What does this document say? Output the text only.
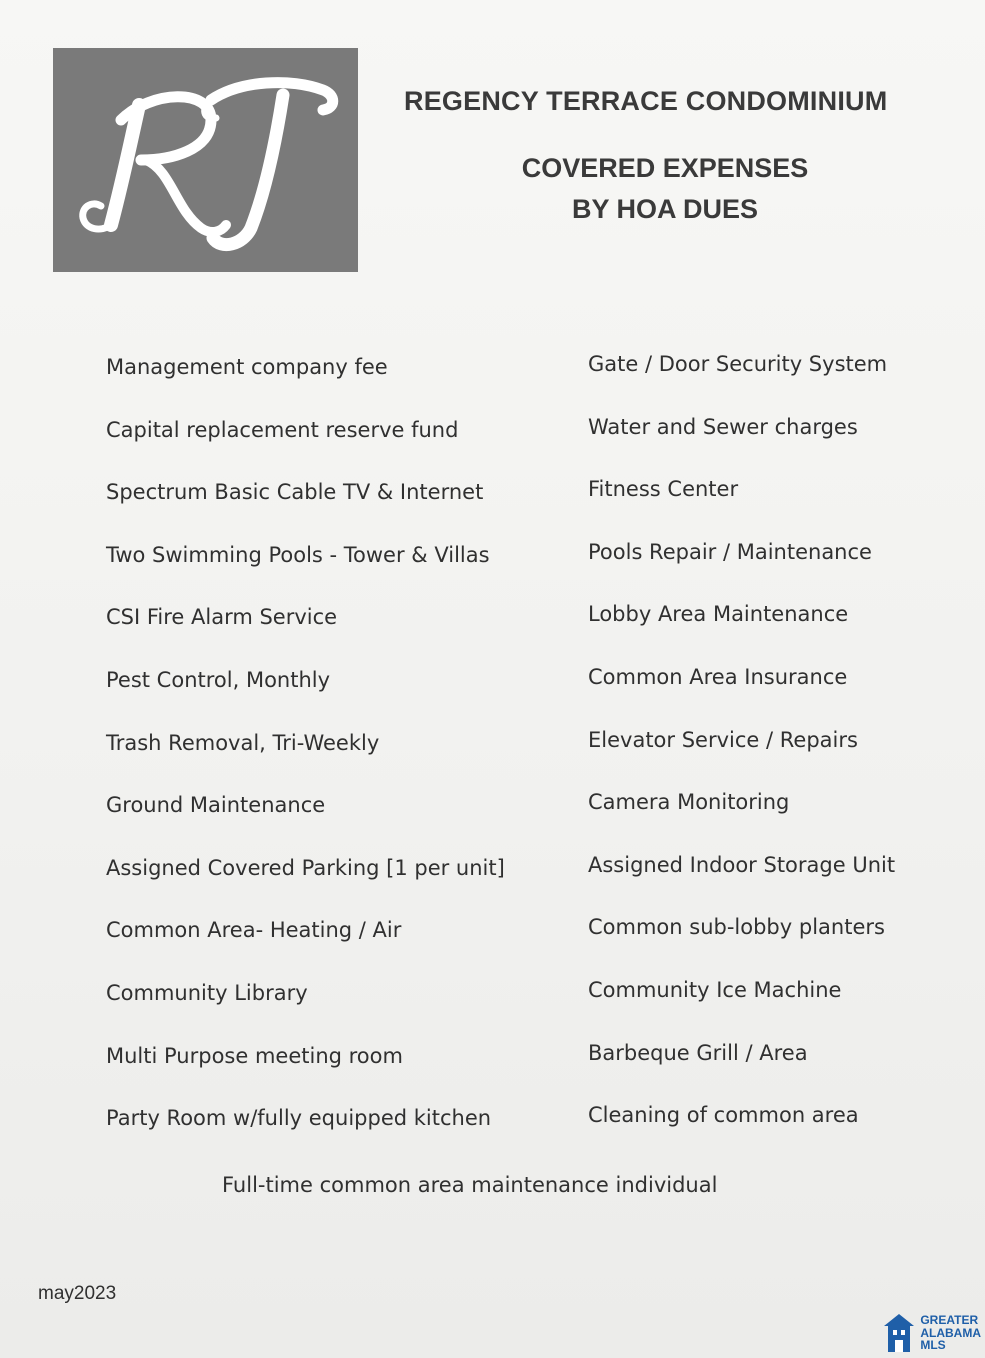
REGENCY TERRACE CONDOMINIUM
COVERED EXPENSES
BY HOA DUES
Management company fee
Capital replacement reserve fund
Spectrum Basic Cable TV & Internet
Two Swimming Pools - Tower & Villas
CSI Fire Alarm Service
Pest Control, Monthly
Trash Removal, Tri-Weekly
Ground Maintenance
Assigned Covered Parking [1 per unit]
Common Area- Heating / Air
Community Library
Multi Purpose meeting room
Party Room w/fully equipped kitchen
Gate / Door Security System
Water and Sewer charges
Fitness Center
Pools Repair / Maintenance
Lobby Area Maintenance
Common Area Insurance
Elevator Service / Repairs
Camera Monitoring
Assigned Indoor Storage Unit
Common sub-lobby planters
Community Ice Machine
Barbeque Grill / Area
Cleaning of common area
Full-time common area maintenance individual
may2023
GREATER
ALABAMA
MLS
